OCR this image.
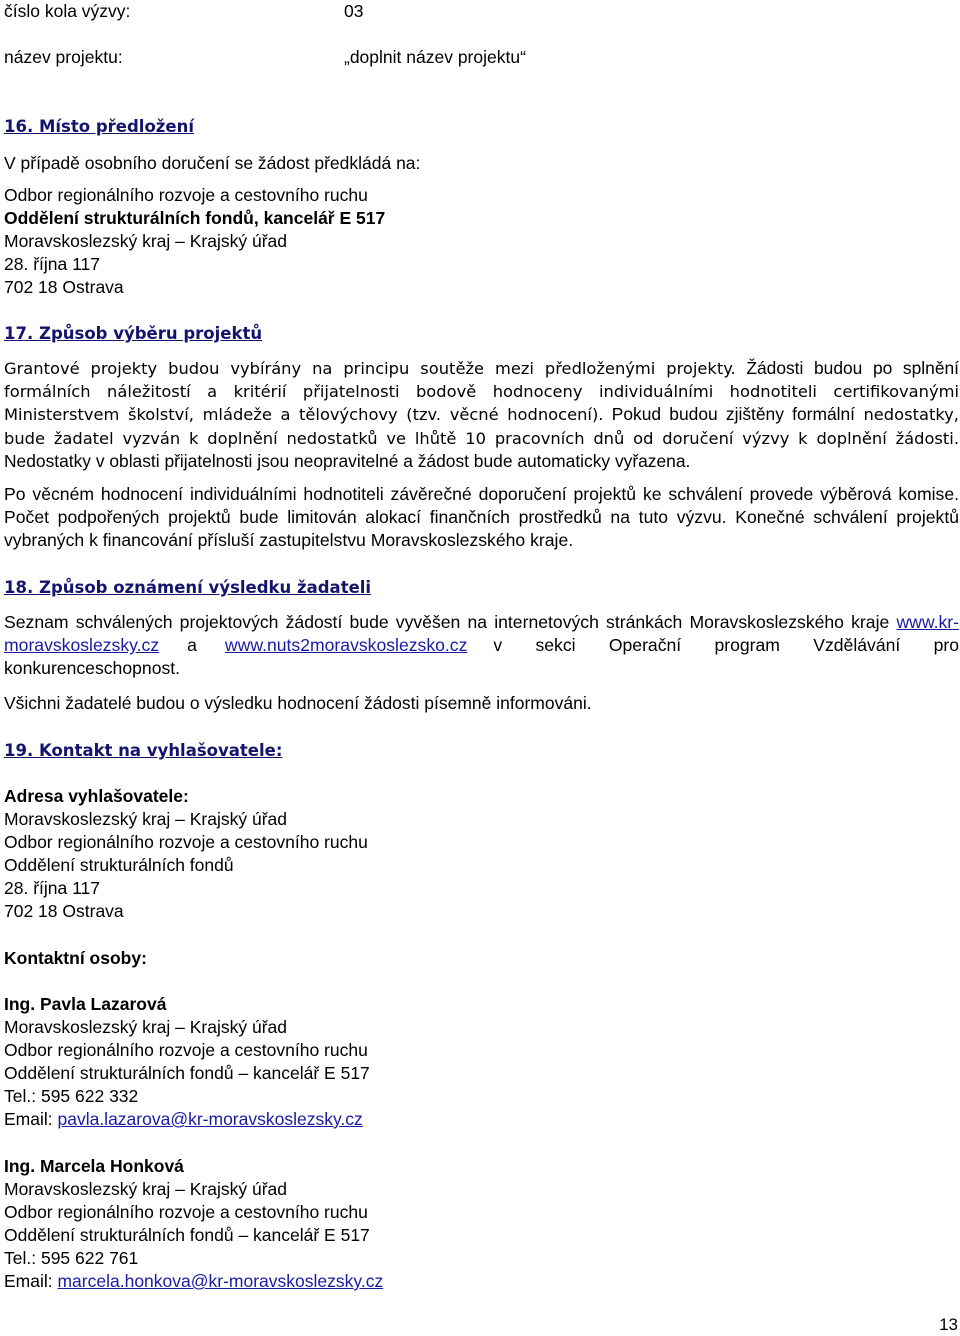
číslo kola výzvy:	03
název projektu:	„doplnit název projektu“
16. Místo předložení
V případě osobního doručení se žádost předkládá na:
Odbor regionálního rozvoje a cestovního ruchu
Oddělení strukturálních fondů, kancelář E 517
Moravskoslezský kraj – Krajský úřad
28. října 117
702 18 Ostrava
17. Způsob výběru projektů
Grantové projekty budou vybírány na principu soutěže mezi předloženými projekty. Žádosti budou po splnění formálních náležitostí a kritérií přijatelnosti bodově hodnoceny individuálními hodnotiteli certifikovanými Ministerstvem školství, mládeže a tělovýchovy (tzv. věcné hodnocení). Pokud budou zjištěny formální nedostatky, bude žadatel vyzván k doplnění nedostatků ve lhůtě 10 pracovních dnů od doručení výzvy k doplnění žádosti. Nedostatky v oblasti přijatelnosti jsou neopravitelné a žádost bude automaticky vyřazena.
Po věcném hodnocení individuálními hodnotiteli závěrečné doporučení projektů ke schválení provede výběrová komise. Počet podpořených projektů bude limitován alokací finančních prostředků na tuto výzvu. Konečné schválení projektů vybraných k financování přísluší zastupitelstvu Moravskoslezského kraje.
18. Způsob oznámení výsledku žadateli
Seznam schválených projektových žádostí bude vyvěšen na internetových stránkách Moravskoslezského kraje www.kr-moravskoslezsky.cz a www.nuts2moravskoslezsko.cz v sekci Operační program Vzdělávání pro konkurenceschopnost.
Všichni žadatelé budou o výsledku hodnocení žádosti písemně informováni.
19. Kontakt na vyhlašovatele:
Adresa vyhlašovatele:
Moravskoslezský kraj – Krajský úřad
Odbor regionálního rozvoje a cestovního ruchu
Oddělení strukturálních fondů
28. října 117
702 18 Ostrava
Kontaktní osoby:
Ing. Pavla Lazarová
Moravskoslezský kraj – Krajský úřad
Odbor regionálního rozvoje a cestovního ruchu
Oddělení strukturálních fondů – kancelář E 517
Tel.: 595 622 332
Email: pavla.lazarova@kr-moravskoslezsky.cz
Ing. Marcela Honková
Moravskoslezský kraj – Krajský úřad
Odbor regionálního rozvoje a cestovního ruchu
Oddělení strukturálních fondů – kancelář E 517
Tel.: 595 622 761
Email: marcela.honkova@kr-moravskoslezsky.cz
13
